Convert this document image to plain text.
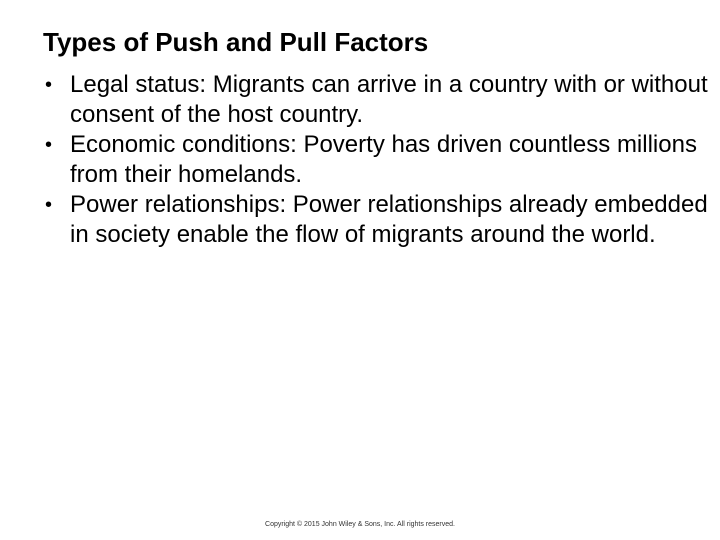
Types of Push and Pull Factors
• Legal status: Migrants can arrive in a country with or without consent of the host country.
• Economic conditions: Poverty has driven countless millions from their homelands.
• Power relationships: Power relationships already embedded in society enable the flow of migrants around the world.
Copyright © 2015 John Wiley & Sons, Inc. All rights reserved.
